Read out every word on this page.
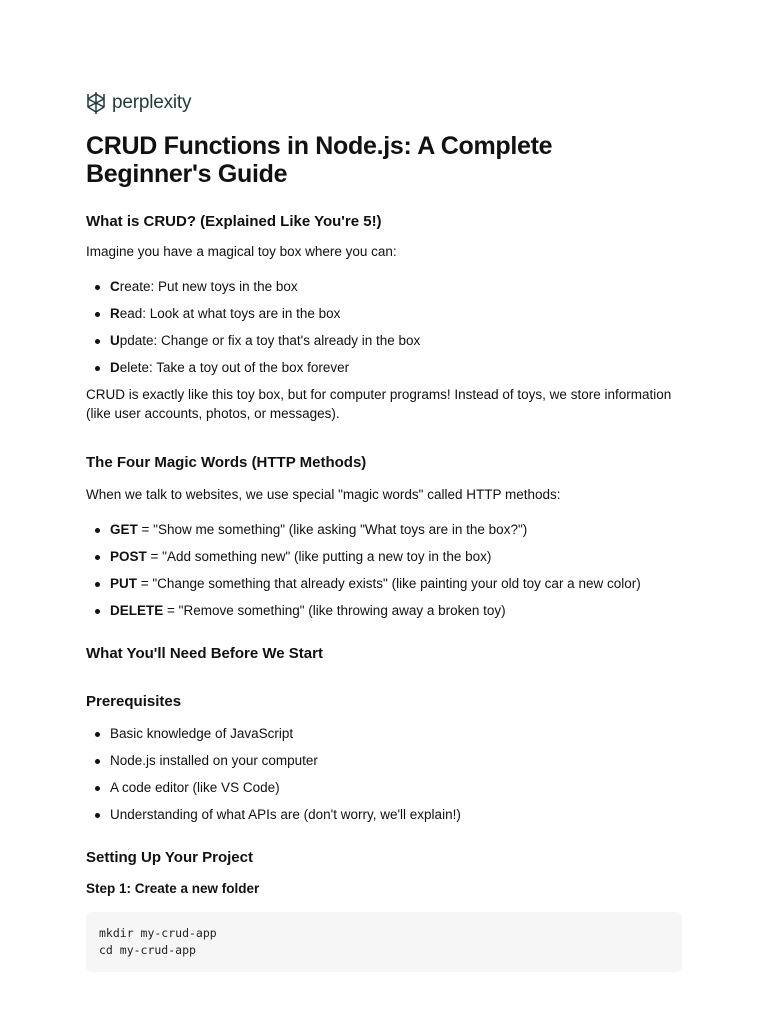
perplexity
CRUD Functions in Node.js: A Complete Beginner's Guide
What is CRUD? (Explained Like You're 5!)

Imagine you have a magical toy box where you can:

Create: Put new toys in the box
Read: Look at what toys are in the box
Update: Change or fix a toy that's already in the box
Delete: Take a toy out of the box forever

CRUD is exactly like this toy box, but for computer programs! Instead of toys, we store information (like user accounts, photos, or messages).

The Four Magic Words (HTTP Methods)

When we talk to websites, we use special "magic words" called HTTP methods:

GET = "Show me something" (like asking "What toys are in the box?")
POST = "Add something new" (like putting a new toy in the box)
PUT = "Change something that already exists" (like painting your old toy car a new color)
DELETE = "Remove something" (like throwing away a broken toy)
What You'll Need Before We Start
Prerequisites
Basic knowledge of JavaScript
Node.js installed on your computer
A code editor (like VS Code)
Understanding of what APIs are (don't worry, we'll explain!)
Setting Up Your Project
Step 1: Create a new folder
mkdir my-crud-app
cd my-crud-app
